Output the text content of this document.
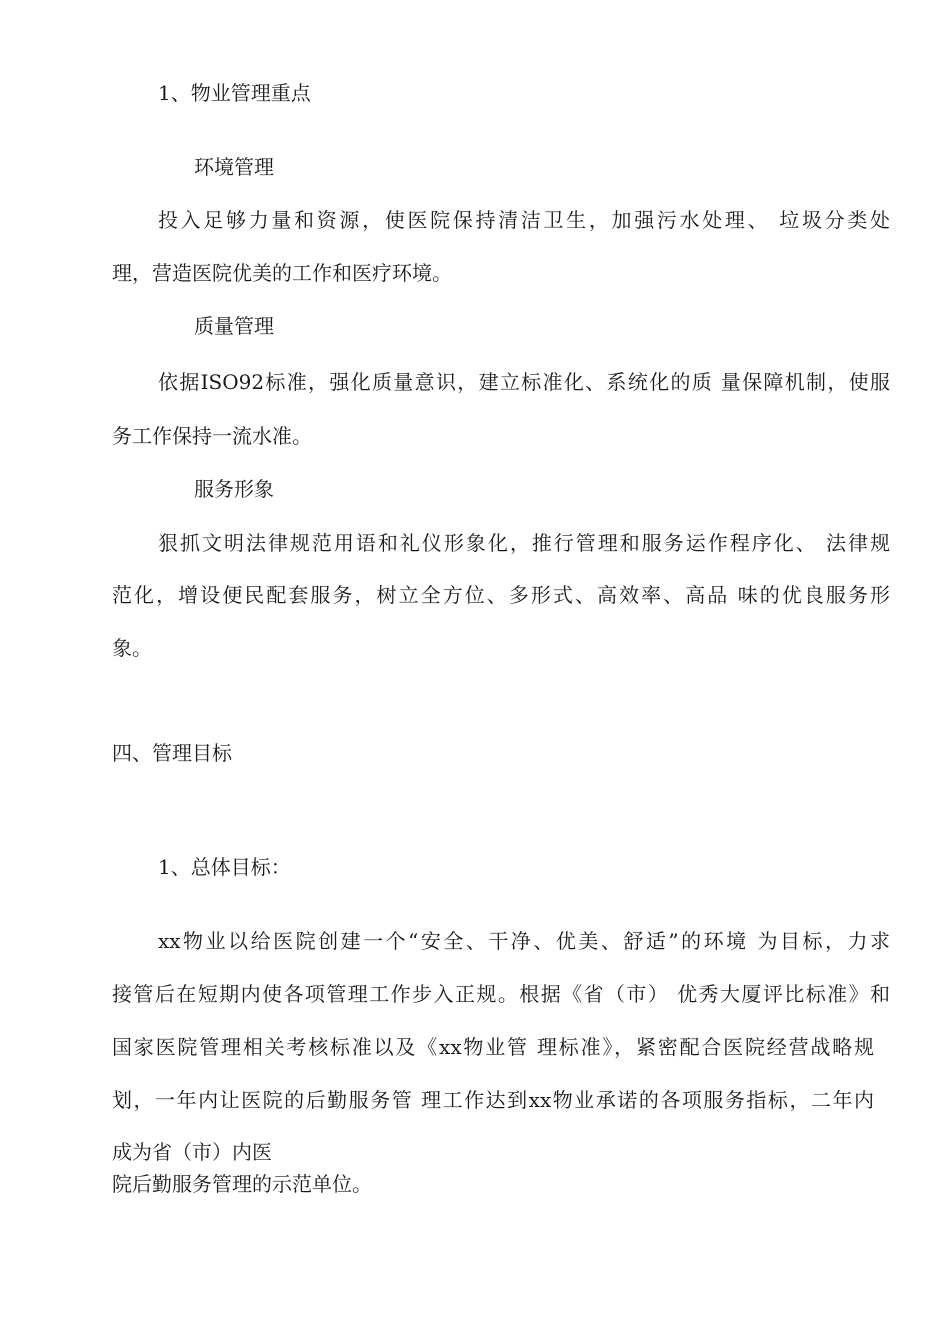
1、物业管理重点

环境管理

投入足够力量和资源，使医院保持清洁卫生，加强污水处理、 垃圾分类处

理，营造医院优美的工作和医疗环境。

质量管理

依据ISO92标准，强化质量意识，建立标准化、系统化的质 量保障机制，使服

务工作保持一流水准。

服务形象

狠抓文明法律规范用语和礼仪形象化，推行管理和服务运作程序化、 法律规

范化，增设便民配套服务，树立全方位、多形式、高效率、高品 味的优良服务形

象。

四、管理目标

1、总体目标：

xx物业以给医院创建一个“安全、干净、优美、舒适”的环境 为目标，力求

接管后在短期内使各项管理工作步入正规。根据《省（市） 优秀大厦评比标准》和

国家医院管理相关考核标准以及《xx物业管 理标准》，紧密配合医院经营战略规

划，一年内让医院的后勤服务管 理工作达到xx物业承诺的各项服务指标，二年内

成为省（市）内医

院后勤服务管理的示范单位。
